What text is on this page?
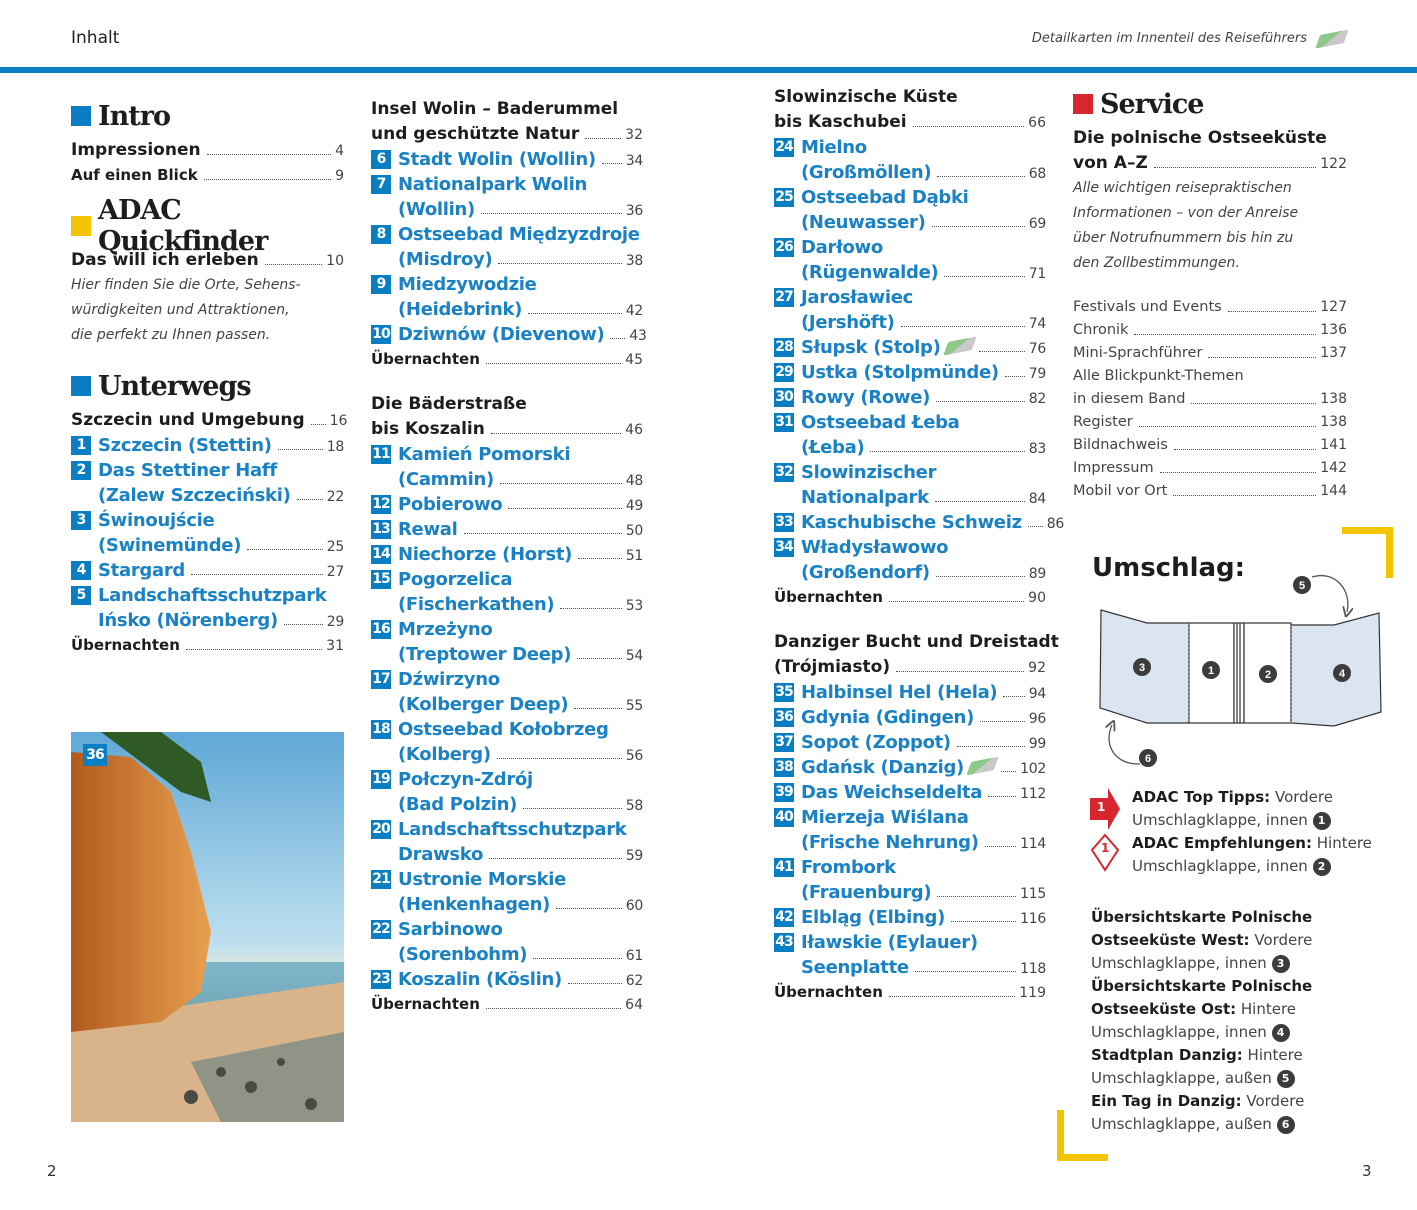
Inhalt	Detailkarten im Innenteil des Reiseführers
Intro
Impressionen	4
Auf einen Blick	9
ADAC Quickfinder
Das will ich erleben	10
Hier finden Sie die Orte, Sehens-
würdigkeiten und Attraktionen,
die perfekt zu Ihnen passen.
Unterwegs
Szczecin und Umgebung 16
1 Szczecin (Stettin)	18
2 Das Stettiner Haff
(Zalew Szczeciński)	22
3 Świnoujście
(Swinemünde)	25
4 Stargard	27
5 Landschaftsschutzpark
Ińsko (Nörenberg)	29
Übernachten	31
Insel Wolin – Baderummel
und geschützte Natur	32
6 Stadt Wolin (Wollin) 34
7 Nationalpark Wolin
(Wollin)	36
8 Ostseebad Międzyzdroje
(Misdroy)	38
9 Miedzywodzie
(Heidebrink)	42
10 Dziwnów (Dievenow) 43
Übernachten	45
Die Bäderstraße
bis Koszalin	46
11 Kamień Pomorski
(Cammin)	48
12 Pobierowo	49
13 Rewal	50
14 Niechorze (Horst)	51
15 Pogorzelica
(Fischerkathen)	53
16 Mrzeżyno
(Treptower Deep)	54
17 Dźwirzyno
(Kolberger Deep)	55
18 Ostseebad Kołobrzeg
(Kolberg)	56
19 Połczyn-Zdrój
(Bad Polzin)	58
20 Landschaftsschutzpark
Drawsko	59
21 Ustronie Morskie
(Henkenhagen)	60
22 Sarbinowo
(Sorenbohm)	61
23 Koszalin (Köslin)	62
Übernachten	64
Slowinzische Küste
bis Kaschubei	66
24 Mielno
(Großmöllen)	68
25 Ostseebad Dąbki
(Neuwasser)	69
26 Darłowo
(Rügenwalde)	71
27 Jarosławiec
(Jershöft)	74
28 Słupsk (Stolp)	76
29 Ustka (Stolpmünde) 79
30 Rowy (Rowe)	82
31 Ostseebad Łeba
(Łeba)	83
32 Slowinzischer
Nationalpark	84
33 Kaschubische Schweiz 86
34 Władysławowo
(Großendorf)	89
Übernachten	90
Danziger Bucht und Dreistadt
(Trójmiasto)	92
35 Halbinsel Hel (Hela) 94
36 Gdynia (Gdingen)	96
37 Sopot (Zoppot)	99
38 Gdańsk (Danzig)	102
39 Das Weichseldelta	112
40 Mierzeja Wiślana
(Frische Nehrung)	114
41 Frombork
(Frauenburg)	115
42 Elbląg (Elbing)	116
43 Iławskie (Eylauer)
Seenplatte	118
Übernachten	119
Service
Die polnische Ostseeküste
von A–Z	122
Alle wichtigen reisepraktischen
Informationen – von der Anreise
über Notrufnummern bis hin zu
den Zollbestimmungen.
Festivals und Events	127
Chronik	136
Mini-Sprachführer	137
Alle Blickpunkt-Themen
in diesem Band	138
Register	138
Bildnachweis	141
Impressum	142
Mobil vor Ort	144
36
Umschlag:
3	1	2	4
5
6
1
ADAC Top Tipps: Vordere
Umschlagklappe, innen 1
1 ADAC Empfehlungen: Hintere
Umschlagklappe, innen 2
Übersichtskarte Polnische Ostseeküste West: Vordere Umschlagklappe, innen 3
Übersichtskarte Polnische Ostseeküste Ost: Hintere Umschlagklappe, innen 4
Stadtplan Danzig: Hintere Umschlagklappe, außen 5
Ein Tag in Danzig: Vordere Umschlagklappe, außen 6
2	3
